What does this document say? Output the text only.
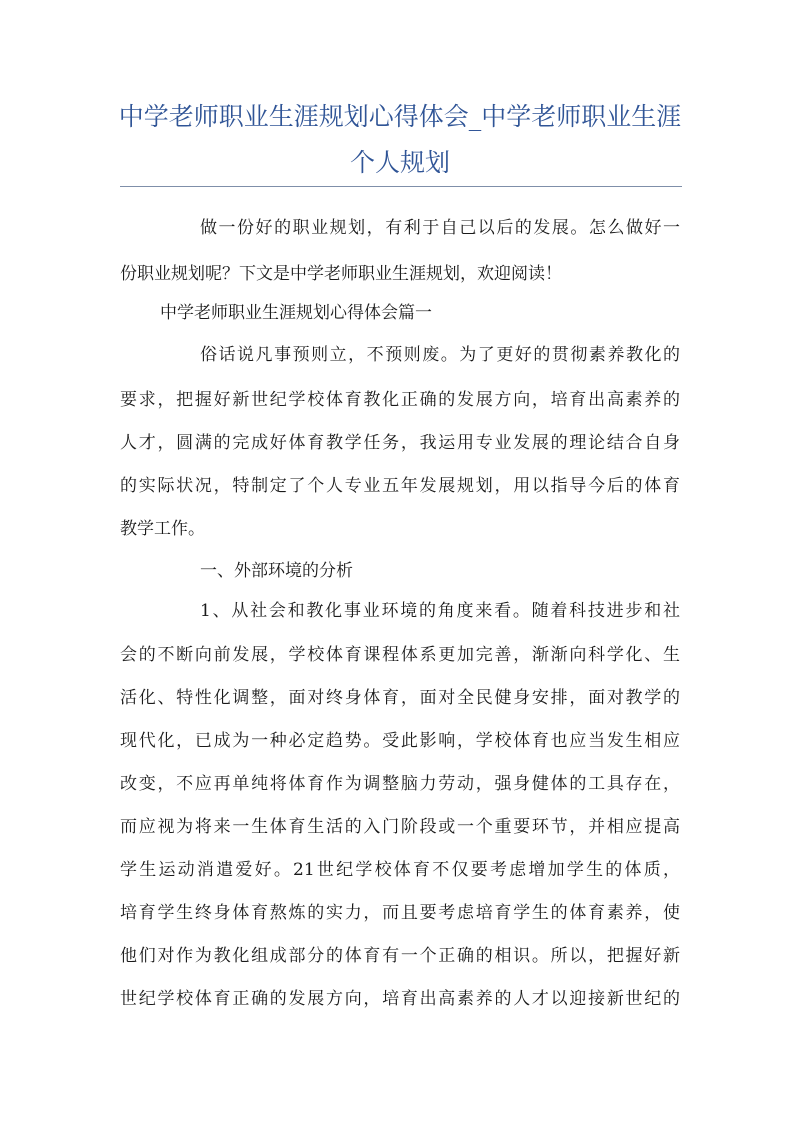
中学老师职业生涯规划心得体会_中学老师职业生涯
个人规划
做一份好的职业规划，有利于自己以后的发展。怎么做好一
份职业规划呢？下文是中学老师职业生涯规划，欢迎阅读！
中学老师职业生涯规划心得体会篇一
俗话说凡事预则立，不预则废。为了更好的贯彻素养教化的
要求，把握好新世纪学校体育教化正确的发展方向，培育出高素养的
人才，圆满的完成好体育教学任务，我运用专业发展的理论结合自身
的实际状况，特制定了个人专业五年发展规划，用以指导今后的体育
教学工作。
一、外部环境的分析
1、从社会和教化事业环境的角度来看。随着科技进步和社
会的不断向前发展，学校体育课程体系更加完善，渐渐向科学化、生
活化、特性化调整，面对终身体育，面对全民健身安排，面对教学的
现代化，已成为一种必定趋势。受此影响，学校体育也应当发生相应
改变，不应再单纯将体育作为调整脑力劳动，强身健体的工具存在，
而应视为将来一生体育生活的入门阶段或一个重要环节，并相应提高
学生运动消遣爱好。21世纪学校体育不仅要考虑增加学生的体质，
培育学生终身体育熬炼的实力，而且要考虑培育学生的体育素养，使
他们对作为教化组成部分的体育有一个正确的相识。所以，把握好新
世纪学校体育正确的发展方向，培育出高素养的人才以迎接新世纪的
